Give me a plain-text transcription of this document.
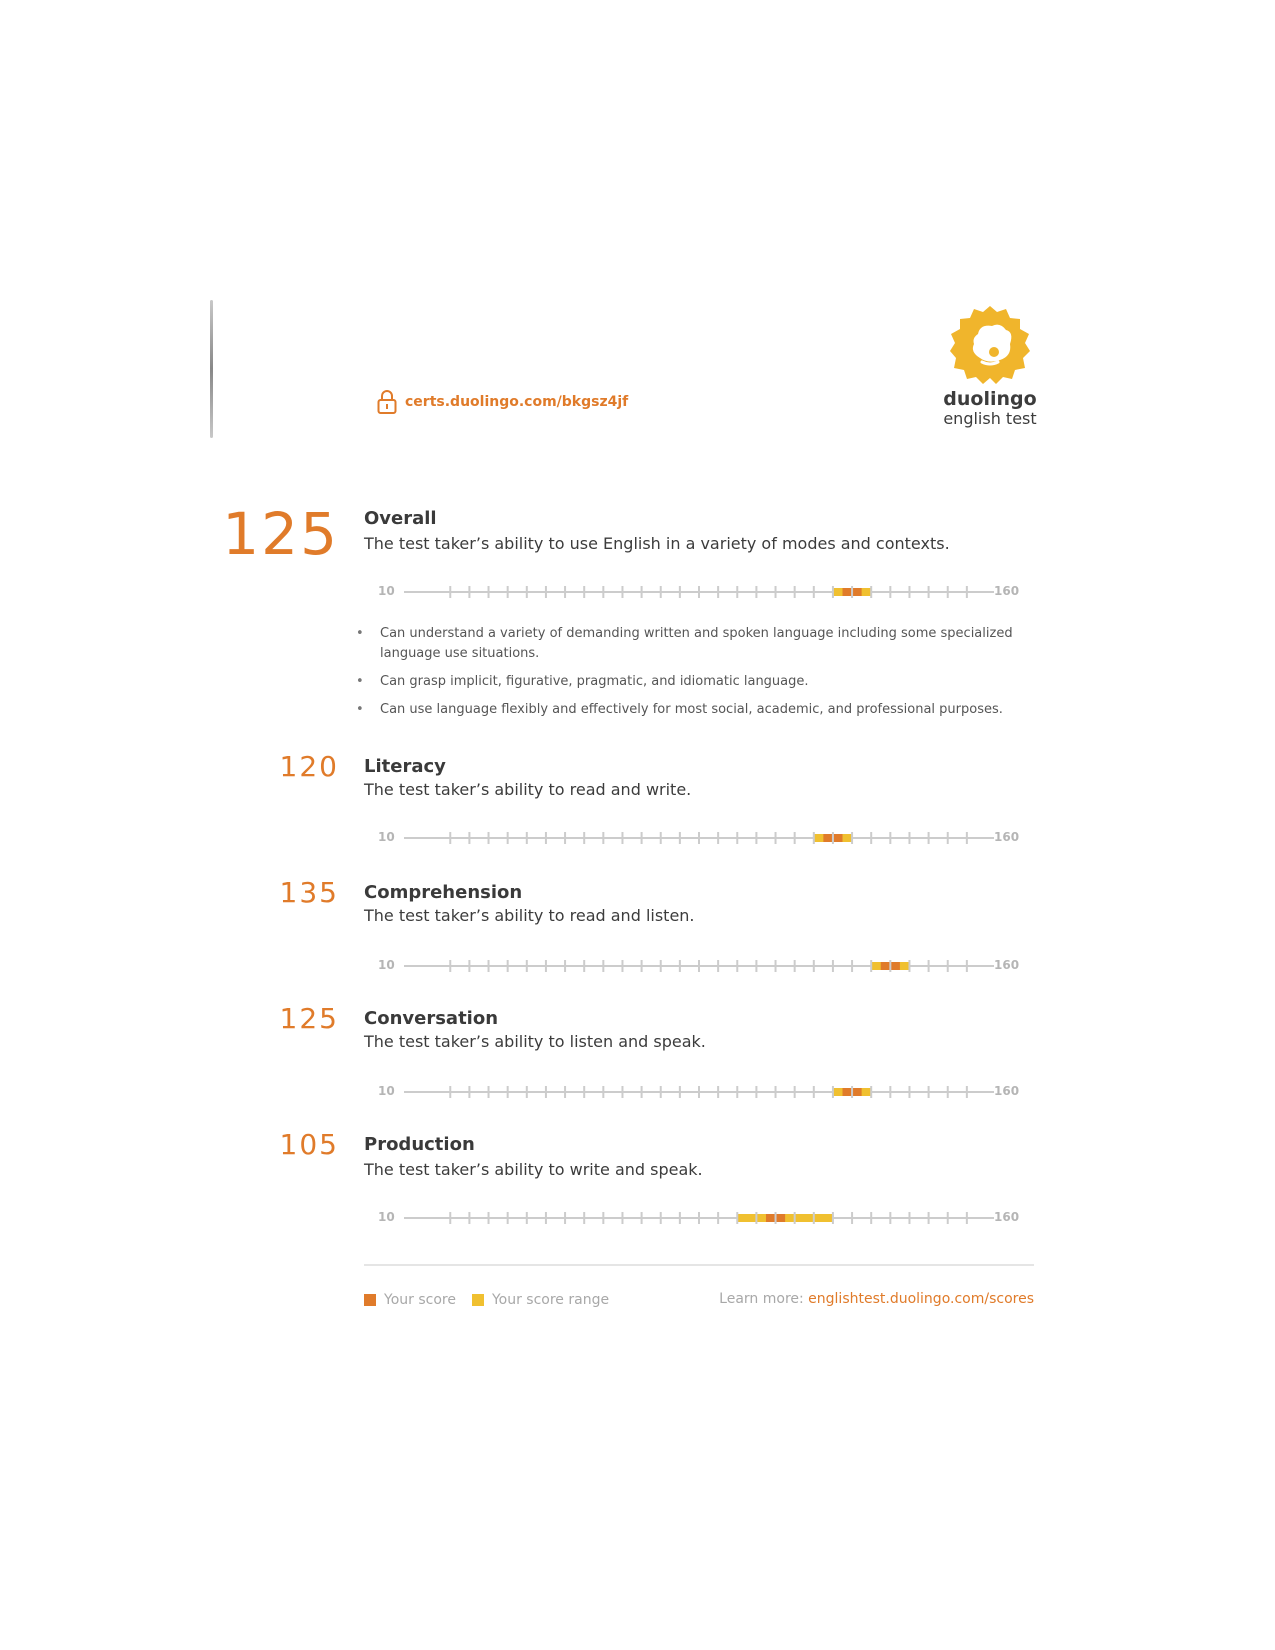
certs.duolingo.com/bkgsz4jf	duolingo
english test
125 Overall
The test taker’s ability to use English in a variety of modes and contexts.
10	160
• Can understand a variety of demanding written and spoken language including some specialized language use situations.
• Can grasp implicit, figurative, pragmatic, and idiomatic language.
• Can use language flexibly and effectively for most social, academic, and professional purposes.
120 Literacy
The test taker’s ability to read and write.
10	160
135 Comprehension
The test taker’s ability to read and listen.
10	160
125 Conversation
The test taker’s ability to listen and speak.
10	160
105 Production
The test taker’s ability to write and speak.
10	160
Your score	Your score range	Learn more: englishtest.duolingo.com/scores
